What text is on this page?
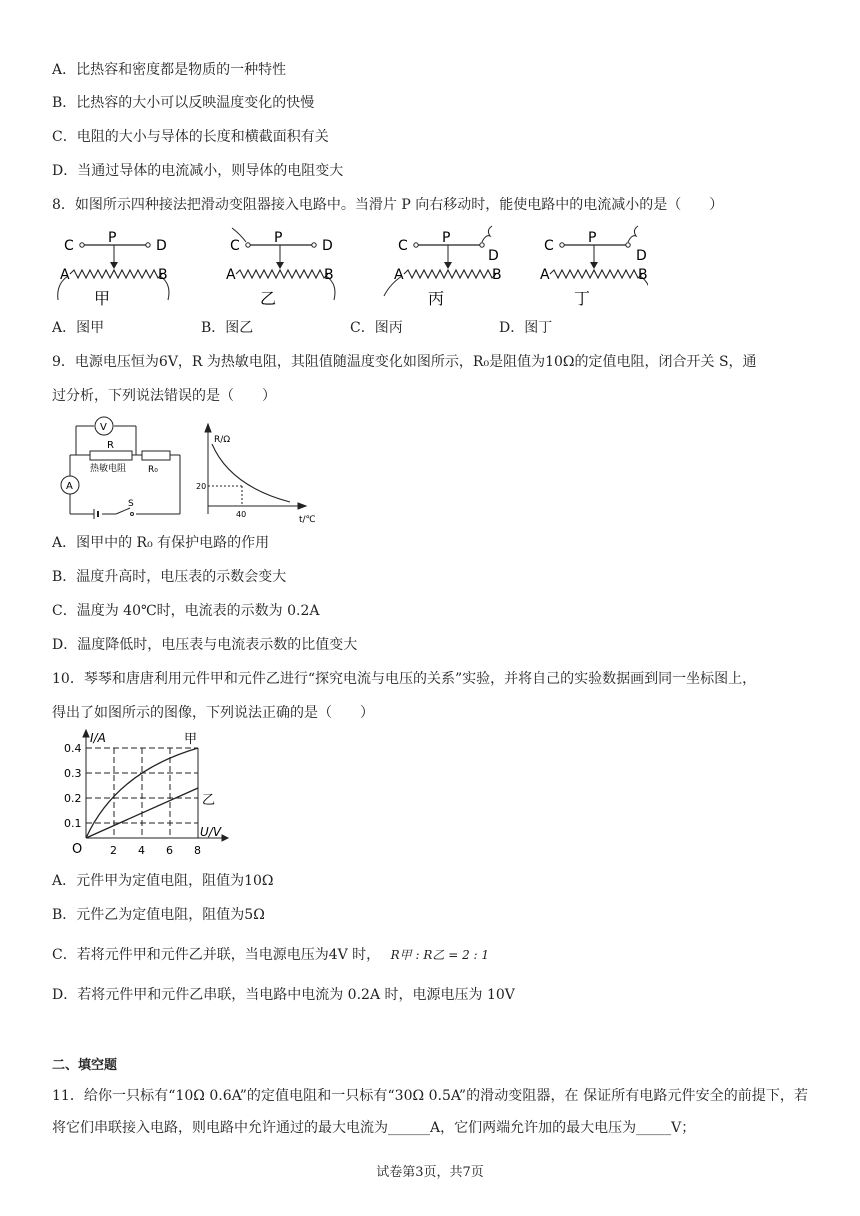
A．比热容和密度都是物质的一种特性
B．比热容的大小可以反映温度变化的快慢
C．电阻的大小与导体的长度和横截面积有关
D．当通过导体的电流减小，则导体的电阻变大
8．如图所示四种接法把滑动变阻器接入电路中。当滑片 P 向右移动时，能使电路中的电流减小的是（　　）
C P	D
A	B
甲
C P	D
A	B
乙
C P
D
A	B
丙
C P
D
A	B
丁
A．图甲	B．图乙	C．图丙	D．图丁
9．电源电压恒为6V，R 为热敏电阻，其阻值随温度变化如图所示，R₀是阻值为10Ω的定值电阻，闭合开关 S，通
过分析，下列说法错误的是（　　）
V
A
R
热敏电阻 R₀
S
R/Ω
t/℃
20
40
A．图甲中的 R₀ 有保护电路的作用
B．温度升高时，电压表的示数会变大
C．温度为 40℃时，电流表的示数为 0.2A
D．温度降低时，电压表与电流表示数的比值变大
10．琴琴和唐唐利用元件甲和元件乙进行“探究电流与电压的关系”实验，并将自己的实验数据画到同一坐标图上，
得出了如图所示的图像，下列说法正确的是（　　）
I/A
U/V
O
0.4
0.3
0.2
0.1
2 4 6 8
甲
乙
A．元件甲为定值电阻，阻值为10Ω
B．元件乙为定值电阻，阻值为5Ω
C．若将元件甲和元件乙并联，当电源电压为4V 时， R甲 : R乙 = 2 : 1
D．若将元件甲和元件乙串联，当电路中电流为 0.2A 时，电源电压为 10V
二、填空题
11．给你一只标有“10Ω 0.6A”的定值电阻和一只标有“30Ω 0.5A”的滑动变阻器，在 保证所有电路元件安全的前提下，若将它们串联接入电路，则电路中允许通过的最大电流为______A，它们两端允许加的最大电压为_____V；
试卷第3页，共7页
